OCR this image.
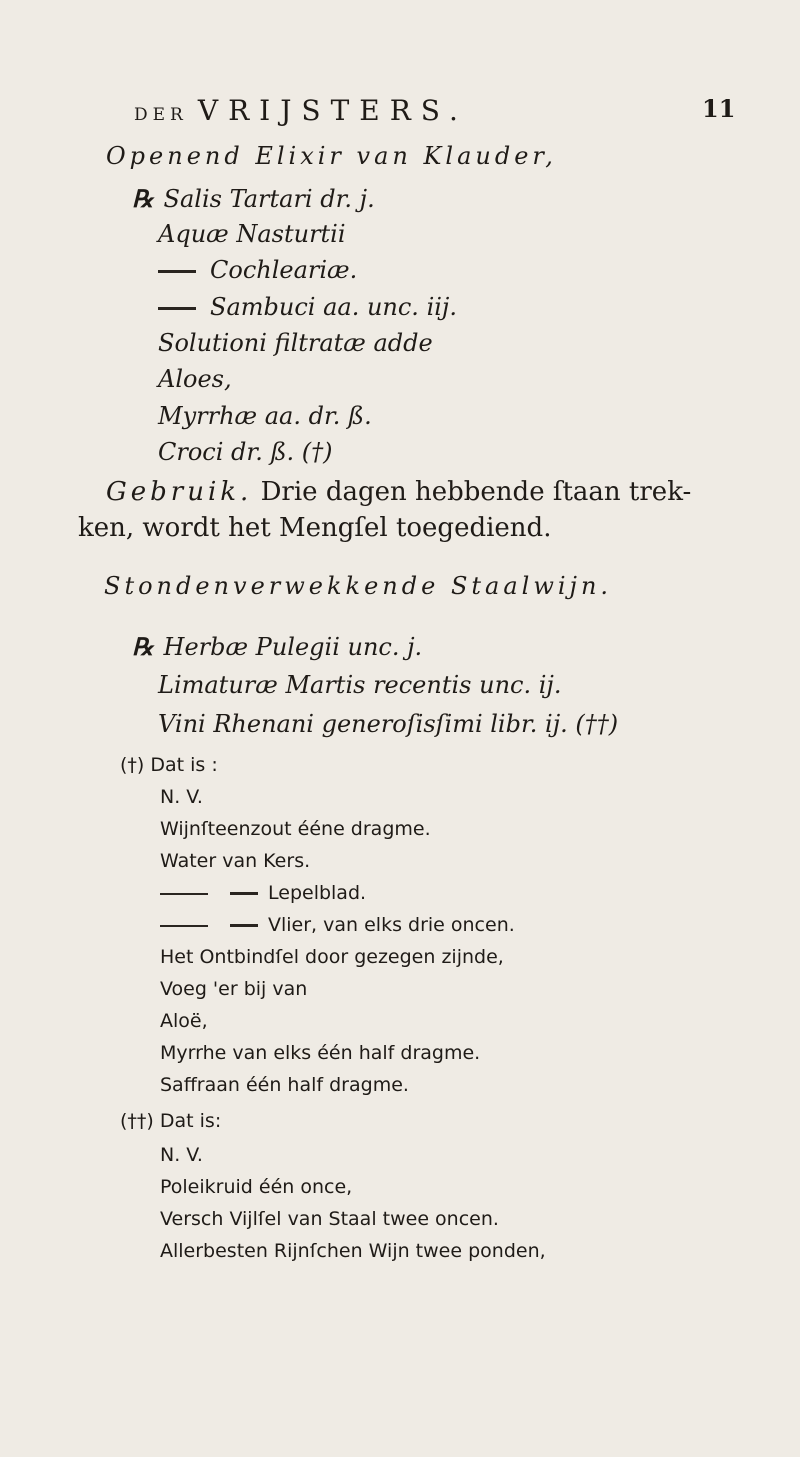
DER VRIJSTERS.	11
Openend Elixir van Klauder,
℞ Salis Tartari dr. j.
Aquæ Nasturtii
Cochleariæ.
Sambuci aa. unc. iij.
Solutioni filtratæ adde
Aloes,
Myrrhæ aa. dr. ß.
Croci dr. ß. (†)
Gebruik. Drie dagen hebbende ſtaan trek-
ken, wordt het Mengſel toegediend.
Stondenverwekkende Staalwijn.
℞ Herbæ Pulegii unc. j.
Limaturæ Martis recentis unc. ij.
Vini Rhenani generoſisſimi libr. ij. (††)
(†) Dat is :
N. V.
Wijnſteenzout ééne dragme.
Water van Kers.
Lepelblad.
Vlier, van elks drie oncen.
Het Ontbindſel door gezegen zijnde,
Voeg 'er bij van
Aloë,
Myrrhe van elks één half dragme.
Saffraan één half dragme.
(††) Dat is:
N. V.
Poleikruid één once,
Versch Vijlſel van Staal twee oncen.
Allerbesten Rijnſchen Wijn twee ponden,
